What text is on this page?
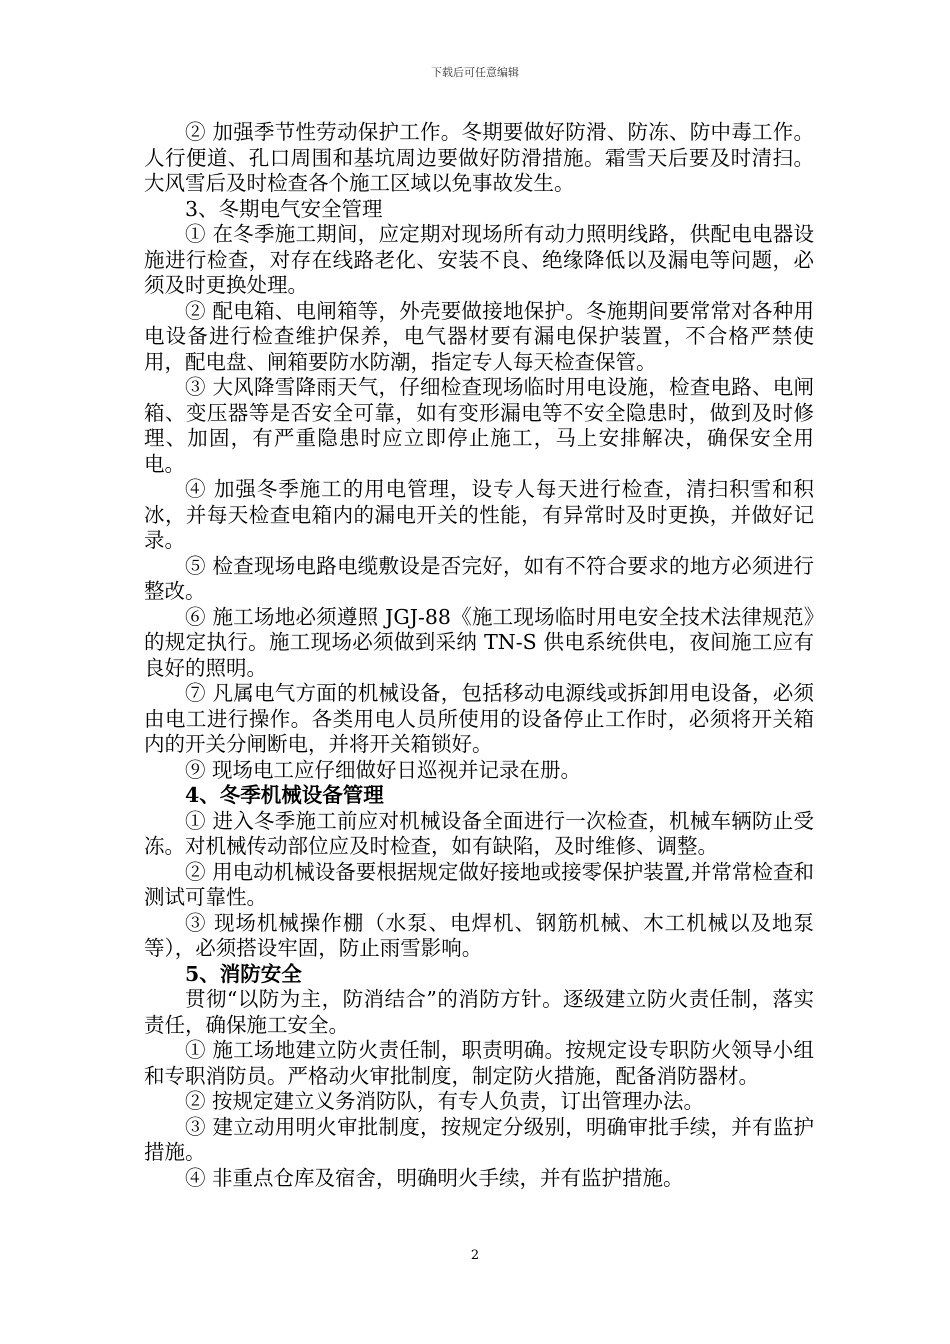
下载后可任意编辑

② 加强季节性劳动保护工作。冬期要做好防滑、防冻、防中毒工作。人行便道、孔口周围和基坑周边要做好防滑措施。霜雪天后要及时清扫。大风雪后及时检查各个施工区域以免事故发生。

3、冬期电气安全管理

① 在冬季施工期间，应定期对现场所有动力照明线路，供配电电器设施进行检查，对存在线路老化、安装不良、绝缘降低以及漏电等问题，必须及时更换处理。

② 配电箱、电闸箱等，外壳要做接地保护。冬施期间要常常对各种用电设备进行检查维护保养，电气器材要有漏电保护装置，不合格严禁使用，配电盘、闸箱要防水防潮，指定专人每天检查保管。

③ 大风降雪降雨天气，仔细检查现场临时用电设施，检查电路、电闸箱、变压器等是否安全可靠，如有变形漏电等不安全隐患时，做到及时修理、加固，有严重隐患时应立即停止施工，马上安排解决，确保安全用电。

④ 加强冬季施工的用电管理，设专人每天进行检查，清扫积雪和积冰，并每天检查电箱内的漏电开关的性能，有异常时及时更换，并做好记录。

⑤ 检查现场电路电缆敷设是否完好，如有不符合要求的地方必须进行整改。

⑥ 施工场地必须遵照 JGJ-88《施工现场临时用电安全技术法律规范》的规定执行。施工现场必须做到采纳 TN-S 供电系统供电，夜间施工应有良好的照明。

⑦ 凡属电气方面的机械设备，包括移动电源线或拆卸用电设备，必须由电工进行操作。各类用电人员所使用的设备停止工作时，必须将开关箱内的开关分闸断电，并将开关箱锁好。

⑨ 现场电工应仔细做好日巡视并记录在册。

4、冬季机械设备管理

① 进入冬季施工前应对机械设备全面进行一次检查，机械车辆防止受冻。对机械传动部位应及时检查，如有缺陷，及时维修、调整。

② 用电动机械设备要根据规定做好接地或接零保护装置,并常常检查和测试可靠性。

③ 现场机械操作棚（水泵、电焊机、钢筋机械、木工机械以及地泵等），必须搭设牢固，防止雨雪影响。

5、消防安全

贯彻“以防为主，防消结合”的消防方针。逐级建立防火责任制，落实责任，确保施工安全。

① 施工场地建立防火责任制，职责明确。按规定设专职防火领导小组和专职消防员。严格动火审批制度，制定防火措施，配备消防器材。

② 按规定建立义务消防队，有专人负责，订出管理办法。

③ 建立动用明火审批制度，按规定分级别，明确审批手续，并有监护措施。

④ 非重点仓库及宿舍，明确明火手续，并有监护措施。

2
